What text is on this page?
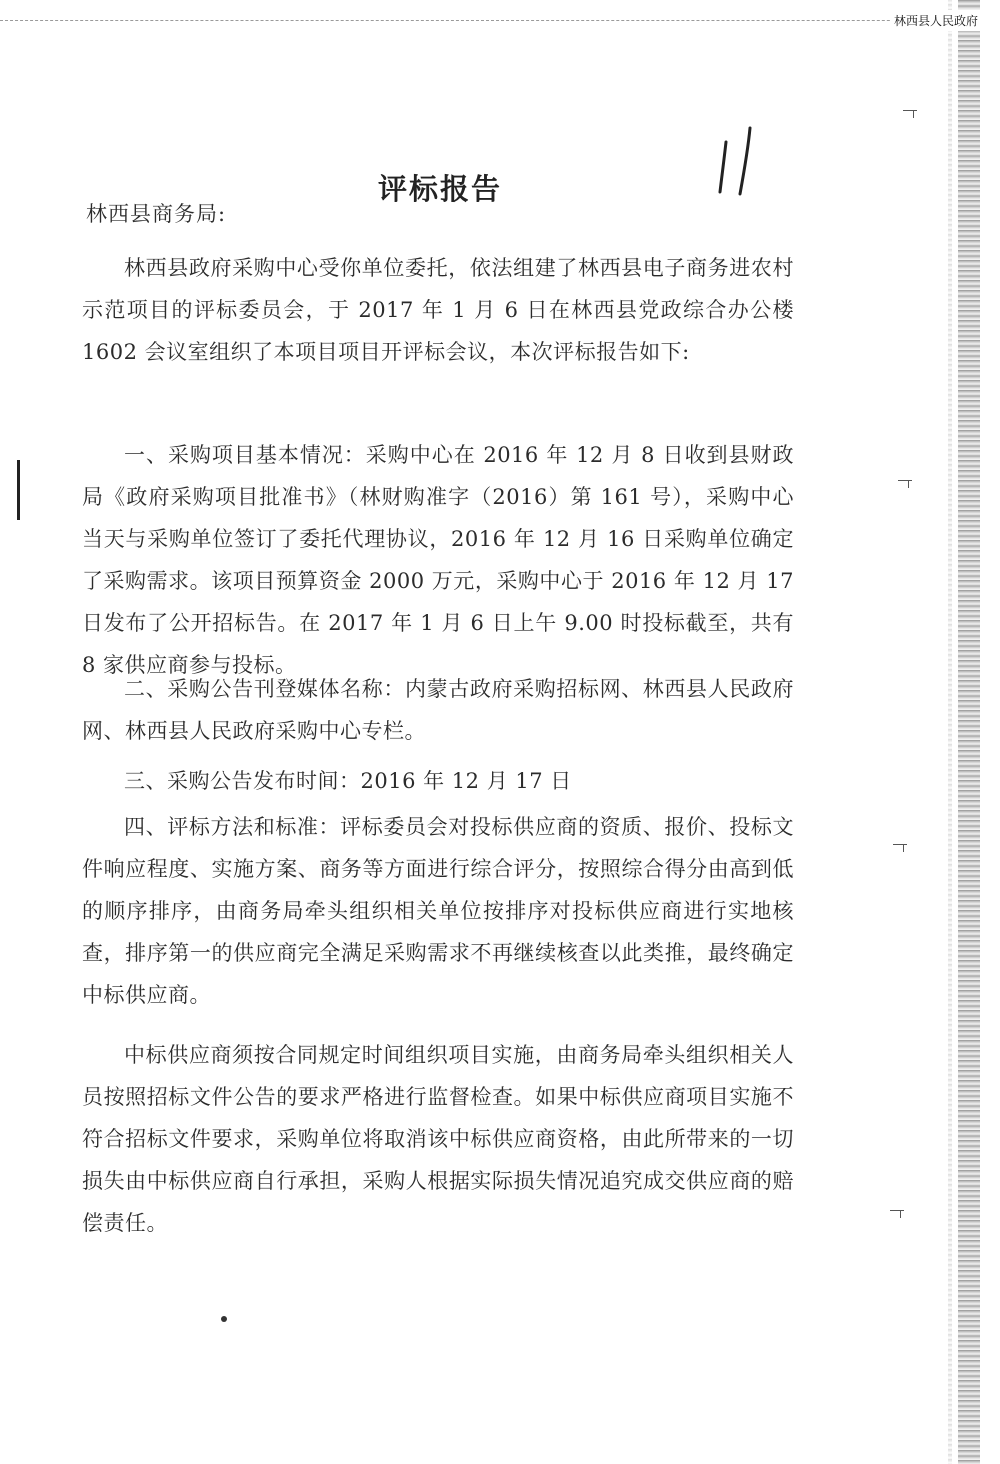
林西县人民政府
评标报告
林西县商务局:

林西县政府采购中心受你单位委托，依法组建了林西县电子商务进农村示范项目的评标委员会，于 2017 年 1 月 6 日在林西县党政综合办公楼 1602 会议室组织了本项目项目开评标会议，本次评标报告如下:

一、采购项目基本情况：采购中心在 2016 年 12 月 8 日收到县财政局《政府采购项目批准书》（林财购准字（2016）第 161 号），采购中心当天与采购单位签订了委托代理协议，2016 年 12 月 16 日采购单位确定了采购需求。该项目预算资金 2000 万元，采购中心于 2016 年 12 月 17 日发布了公开招标告。在 2017 年 1 月 6 日上午 9.00 时投标截至，共有 8 家供应商参与投标。

二、采购公告刊登媒体名称：内蒙古政府采购招标网、林西县人民政府网、林西县人民政府采购中心专栏。

三、采购公告发布时间：2016 年 12 月 17 日

四、评标方法和标准：评标委员会对投标供应商的资质、报价、投标文件响应程度、实施方案、商务等方面进行综合评分，按照综合得分由高到低的顺序排序，由商务局牵头组织相关单位按排序对投标供应商进行实地核查，排序第一的供应商完全满足采购需求不再继续核查以此类推，最终确定中标供应商。

中标供应商须按合同规定时间组织项目实施，由商务局牵头组织相关人员按照招标文件公告的要求严格进行监督检查。如果中标供应商项目实施不符合招标文件要求，采购单位将取消该中标供应商资格，由此所带来的一切损失由中标供应商自行承担，采购人根据实际损失情况追究成交供应商的赔偿责任。
